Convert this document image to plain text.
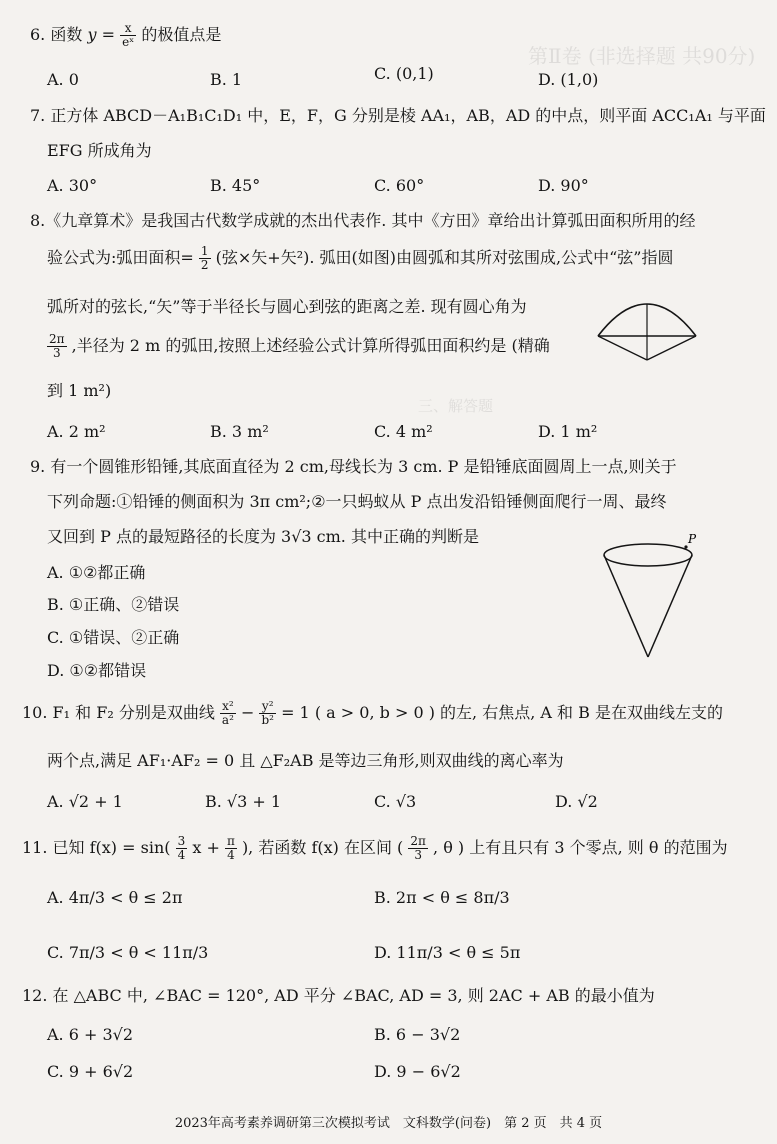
第Ⅱ卷 (非选择题 共90分)
三、解答题
6. 函数 $y = \frac{x}{\text{eˣ}}$ 的极值点是
A. 0	B. 1	C. (0,1)	D. (1,0)
7. 正方体 ABCD－A₁B₁C₁D₁ 中，E，F，G 分别是棱 AA₁，AB，AD 的中点，则平面 ACC₁A₁ 与平面
EFG 所成角为
A. 30°	B. 45°	C. 60°	D. 90°
8.《九章算术》是我国古代数学成就的杰出代表作. 其中《方田》章给出计算弧田面积所用的经
验公式为:弧田面积= $\frac{1}{2}$ (弦×矢+矢²). 弧田(如图)由圆弧和其所对弦围成,公式中“弦”指圆
弧所对的弦长,“矢”等于半径长与圆心到弦的距离之差. 现有圆心角为
$\frac{2\pi}{3}$ ,半径为 2 m 的弧田,按照上述经验公式计算所得弧田面积约是 (精确
到 1 m²)
A. 2 m²	B. 3 m²	C. 4 m²	D. 1 m²
9. 有一个圆锥形铅锤,其底面直径为 2 cm,母线长为 3 cm. P 是铅锤底面圆周上一点,则关于
下列命题:①铅锤的侧面积为 3π cm²;②一只蚂蚁从 P 点出发沿铅锤侧面爬行一周、最终
又回到 P 点的最短路径的长度为 3√3 cm. 其中正确的判断是
A. ①②都正确
B. ①正确、②错误
C. ①错误、②正确
D. ①②都错误
P
10. F₁ 和 F₂ 分别是双曲线 $\frac{\text{x²}}{\text{a²}} - \frac{\text{y²}}{\text{b²}} = 1$ ( a > 0, b > 0 ) 的左, 右焦点, A 和 B 是在双曲线左支的
两个点,满足 AF₁·AF₂ = 0 且 △F₂AB 是等边三角形,则双曲线的离心率为
A. √2 + 1	B. √3 + 1	C. √3	D. √2
11. 已知 $f(x) = \sin( \frac{3}{4}$ $x + \frac{\pi}{4}$ ), 若函数 f(x) 在区间 ( $\frac{2\pi}{3}$ , θ ) 上有且只有 3 个零点, 则 θ 的范围为
A. 4π/3 < θ ≤ 2π	B. 2π < θ ≤ 8π/3
C. 7π/3 < θ < 11π/3	D. 11π/3 < θ ≤ 5π
12. 在 △ABC 中, ∠BAC = 120°, AD 平分 ∠BAC, AD = 3, 则 2AC + AB 的最小值为
A. 6 + 3√2	B. 6 − 3√2
C. 9 + 6√2	D. 9 − 6√2
2023年高考素养调研第三次模拟考试　文科数学(问卷)　第 2 页　共 4 页
